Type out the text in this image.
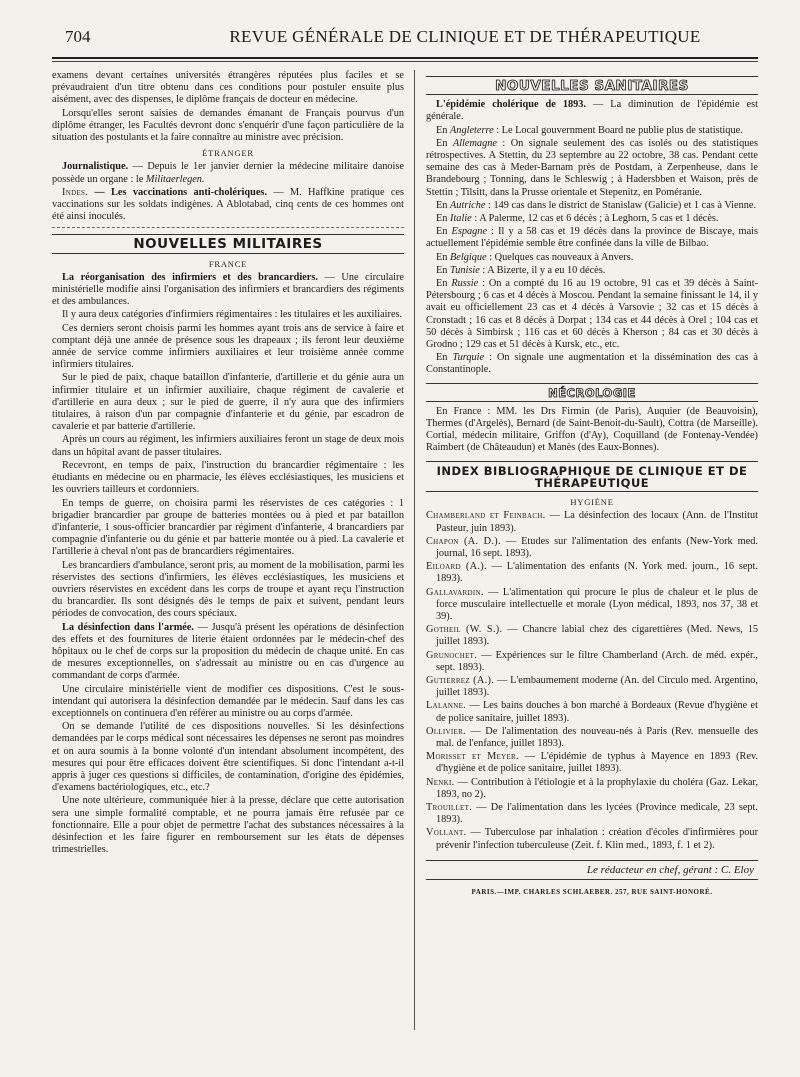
704	REVUE GÉNÉRALE DE CLINIQUE ET DE THÉRAPEUTIQUE

examens devant certaines universités étrangères réputées plus faciles et se prévaudraient d'un titre obtenu dans ces conditions pour postuler ensuite plus aisément, avec des dispenses, le diplôme français de docteur en médecine.

Lorsqu'elles seront saisies de demandes émanant de Français pourvus d'un diplôme étranger, les Facultés devront donc s'enquérir d'une façon particulière de la situation des postulants et la faire connaître au ministre avec précision.

ÉTRANGER

Journalistique. — Depuis le 1er janvier dernier la médecine militaire danoise possède un organe : le Militaerlegen.

Indes. — Les vaccinations anti-cholériques. — M. Haffkine pratique ces vaccinations sur les soldats indigènes. A Ablotabad, cinq cents de ces hommes ont été ainsi inoculés.

NOUVELLES MILITAIRES
FRANCE

La réorganisation des infirmiers et des brancardiers. — Une circulaire ministérielle modifie ainsi l'organisation des infirmiers et brancardiers des régiments et des ambulances.

Il y aura deux catégories d'infirmiers régimentaires : les titulaires et les auxiliaires.

Ces derniers seront choisis parmi les hommes ayant trois ans de service à faire et comptant déjà une année de présence sous les drapeaux ; ils feront leur deuxième année de service comme infirmiers auxiliaires et leur troisième année comme infirmiers titulaires.

Sur le pied de paix, chaque bataillon d'infanterie, d'artillerie et du génie aura un infirmier titulaire et un infirmier auxiliaire, chaque régiment de cavalerie et d'artillerie en aura deux ; sur le pied de guerre, il n'y aura que des infirmiers titulaires, à raison d'un par compagnie d'infanterie et du génie, par escadron de cavalerie et par batterie d'artillerie.

Après un cours au régiment, les infirmiers auxiliaires feront un stage de deux mois dans un hôpital avant de passer titulaires.

Recevront, en temps de paix, l'instruction du brancardier régimentaire : les étudiants en médecine ou en pharmacie, les élèves ecclésiastiques, les musiciens et les ouvriers tailleurs et cordonniers.

En temps de guerre, on choisira parmi les réservistes de ces catégories : 1 brigadier brancardier par groupe de batteries montées ou à pied et par bataillon d'infanterie, 1 sous-officier brancardier par régiment d'infanterie, 4 brancardiers par compagnie d'infanterie ou du génie et par batterie montée ou à pied. La cavalerie et l'artillerie à cheval n'ont pas de brancardiers régimentaires.

Les brancardiers d'ambulance, seront pris, au moment de la mobilisation, parmi les réservistes des sections d'infirmiers, les élèves ecclésiastiques, les musiciens et ouvriers réservistes en excédent dans les corps de troupe et ayant reçu l'instruction du brancardier. Ils sont désignés dès le temps de paix et suivent, pendant leurs périodes de convocation, des cours spéciaux.

La désinfection dans l'armée. — Jusqu'à présent les opérations de désinfection des effets et des fournitures de literie étaient ordonnées par le médecin-chef des hôpitaux ou le chef de corps sur la proposition du médecin de chaque unité. En cas de mesures exceptionnelles, on s'adressait au ministre ou en cas d'urgence au commandant de corps d'armée.

Une circulaire ministérielle vient de modifier ces dispositions. C'est le sous-intendant qui autorisera la désinfection demandée par le médecin. Sauf dans les cas exceptionnels on continuera d'en référer au ministre ou au corps d'armée.

On se demande l'utilité de ces dispositions nouvelles. Si les désinfections demandées par le corps médical sont nécessaires les dépenses ne seront pas moindres et on aura soumis à la bonne volonté d'un intendant absolument incompétent, des mesures qui pour être efficaces doivent être scientifiques. Si donc l'intendant a-t-il appris à juger ces questions si difficiles, de contamination, d'origine des épidémies, d'examens bactériologiques, etc., etc.?

Une note ultérieure, communiquée hier à la presse, déclare que cette autorisation sera une simple formalité comptable, et ne pourra jamais être refusée par ce fonctionnaire. Elle a pour objet de permettre l'achat des substances nécessaires à la désinfection et les faire figurer en remboursement sur les états de dépenses trimestrielles.

NOUVELLES SANITAIRES

L'épidémie cholérique de 1893. — La diminution de l'épidémie est générale.

En Angleterre : Le Local gouvernment Board ne publie plus de statistique.

En Allemagne : On signale seulement des cas isolés ou des statistiques rétrospectives. A Stettin, du 23 septembre au 22 octobre, 38 cas. Pendant cette semaine des cas à Meder-Barnam près de Postdam, à Zerpenheuse, dans le Brandebourg ; Tonning, dans le Schleswig ; à Hadersbben et Waison, près de Stettin ; Tilsitt, dans la Prusse orientale et Stepenitz, en Poméranie.

En Autriche : 149 cas dans le district de Stanislaw (Galicie) et 1 cas à Vienne.

En Italie : A Palerme, 12 cas et 6 décès ; à Leghorn, 5 cas et 1 décès.

En Espagne : Il y a 58 cas et 19 décès dans la province de Biscaye, mais actuellement l'épidémie semble être confinée dans la ville de Bilbao.

En Belgique : Quelques cas nouveaux à Anvers.

En Tunisie : A Bizerte, il y a eu 10 décès.

En Russie : On a compté du 16 au 19 octobre, 91 cas et 39 décès à Saint-Pétersbourg ; 6 cas et 4 décès à Moscou. Pendant la semaine finissant le 14, il y avait eu officiellement 23 cas et 4 décès à Varsovie ; 32 cas et 15 décès à Cronstadt ; 16 cas et 8 décès à Dorpat ; 134 cas et 44 décès à Orel ; 104 cas et 50 décès à Simbirsk ; 116 cas et 60 décès à Kherson ; 84 cas et 30 décès à Grodno ; 129 cas et 51 décès à Kursk, etc., etc.

En Turquie : On signale une augmentation et la dissémination des cas à Constantinople.

NÉCROLOGIE

En France : MM. les Drs Firmin (de Paris), Auquier (de Beauvoisin), Thermes (d'Argelès), Bernard (de Saint-Benoit-du-Sault), Cottra (de Marseille). Cortial, médecin militaire, Griffon (d'Ay), Coquilland (de Fontenay-Vendée) Raimbert (de Châteaudun) et Manès (des Eaux-Bonnes).

INDEX BIBLIOGRAPHIQUE DE CLINIQUE ET DE THÉRAPEUTIQUE
HYGIÈNE

Chamberland et Feinbach. — La désinfection des locaux (Ann. de l'Institut Pasteur, juin 1893).

Chapon (A. D.). — Etudes sur l'alimentation des enfants (New-York med. journal, 16 sept. 1893).

Eiloard (A.). — L'alimentation des enfants (N. York med. journ., 16 sept. 1893).

Gallavardin. — L'alimentation qui procure le plus de chaleur et le plus de force musculaire intellectuelle et morale (Lyon médical, 1893, nos 37, 38 et 39).

Gotheil (W. S.). — Chancre labial chez des cigarettières (Med. News, 15 juillet 1893).

Grunochet. — Expériences sur le filtre Chamberland (Arch. de méd. expér., sept. 1893).

Gutierrez (A.). — L'embaumement moderne (An. del Circulo med. Argentino, juillet 1893).

Lalanne. — Les bains douches à bon marché à Bordeaux (Revue d'hygiène et de police sanitaire, juillet 1893).

Ollivier. — De l'alimentation des nouveau-nés à Paris (Rev. mensuelle des mal. de l'enfance, juillet 1893).

Morisset et Meyer. — L'épidémie de typhus à Mayence en 1893 (Rev. d'hygiène et de police sanitaire, juillet 1893).

Nenki. — Contribution à l'étiologie et à la prophylaxie du choléra (Gaz. Lekar, 1893, no 2).

Trouillet. — De l'alimentation dans les lycées (Province medicale, 23 sept. 1893).

Vollant. — Tuberculose par inhalation : création d'écoles d'infirmières pour prévenir l'infection tuberculeuse (Zeit. f. Klin med., 1893, f. 1 et 2).

Le rédacteur en chef, gérant : C. Eloy
PARIS.—IMP. CHARLES SCHLAEBER. 257, RUE SAINT-HONORÉ.
